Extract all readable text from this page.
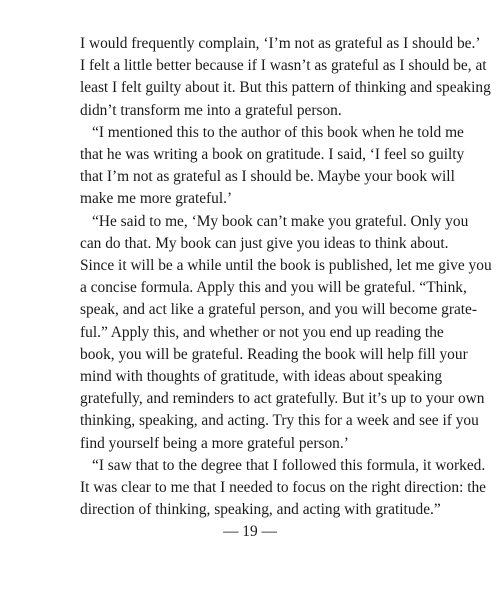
I would frequently complain, ‘I’m not as grateful as I should be.’
I felt a little better because if I wasn’t as grateful as I should be, at
least I felt guilty about it. But this pattern of thinking and speaking
didn’t transform me into a grateful person.
“I mentioned this to the author of this book when he told me
that he was writing a book on gratitude. I said, ‘I feel so guilty
that I’m not as grateful as I should be. Maybe your book will
make me more grateful.’
“He said to me, ‘My book can’t make you grateful. Only you
can do that. My book can just give you ideas to think about.
Since it will be a while until the book is published, let me give you
a concise formula. Apply this and you will be grateful. “Think,
speak, and act like a grateful person, and you will become grate-
ful.” Apply this, and whether or not you end up reading the
book, you will be grateful. Reading the book will help fill your
mind with thoughts of gratitude, with ideas about speaking
gratefully, and reminders to act gratefully. But it’s up to your own
thinking, speaking, and acting. Try this for a week and see if you
find yourself being a more grateful person.’
“I saw that to the degree that I followed this formula, it worked.
It was clear to me that I needed to focus on the right direction: the
direction of thinking, speaking, and acting with gratitude.”
— 19 —
